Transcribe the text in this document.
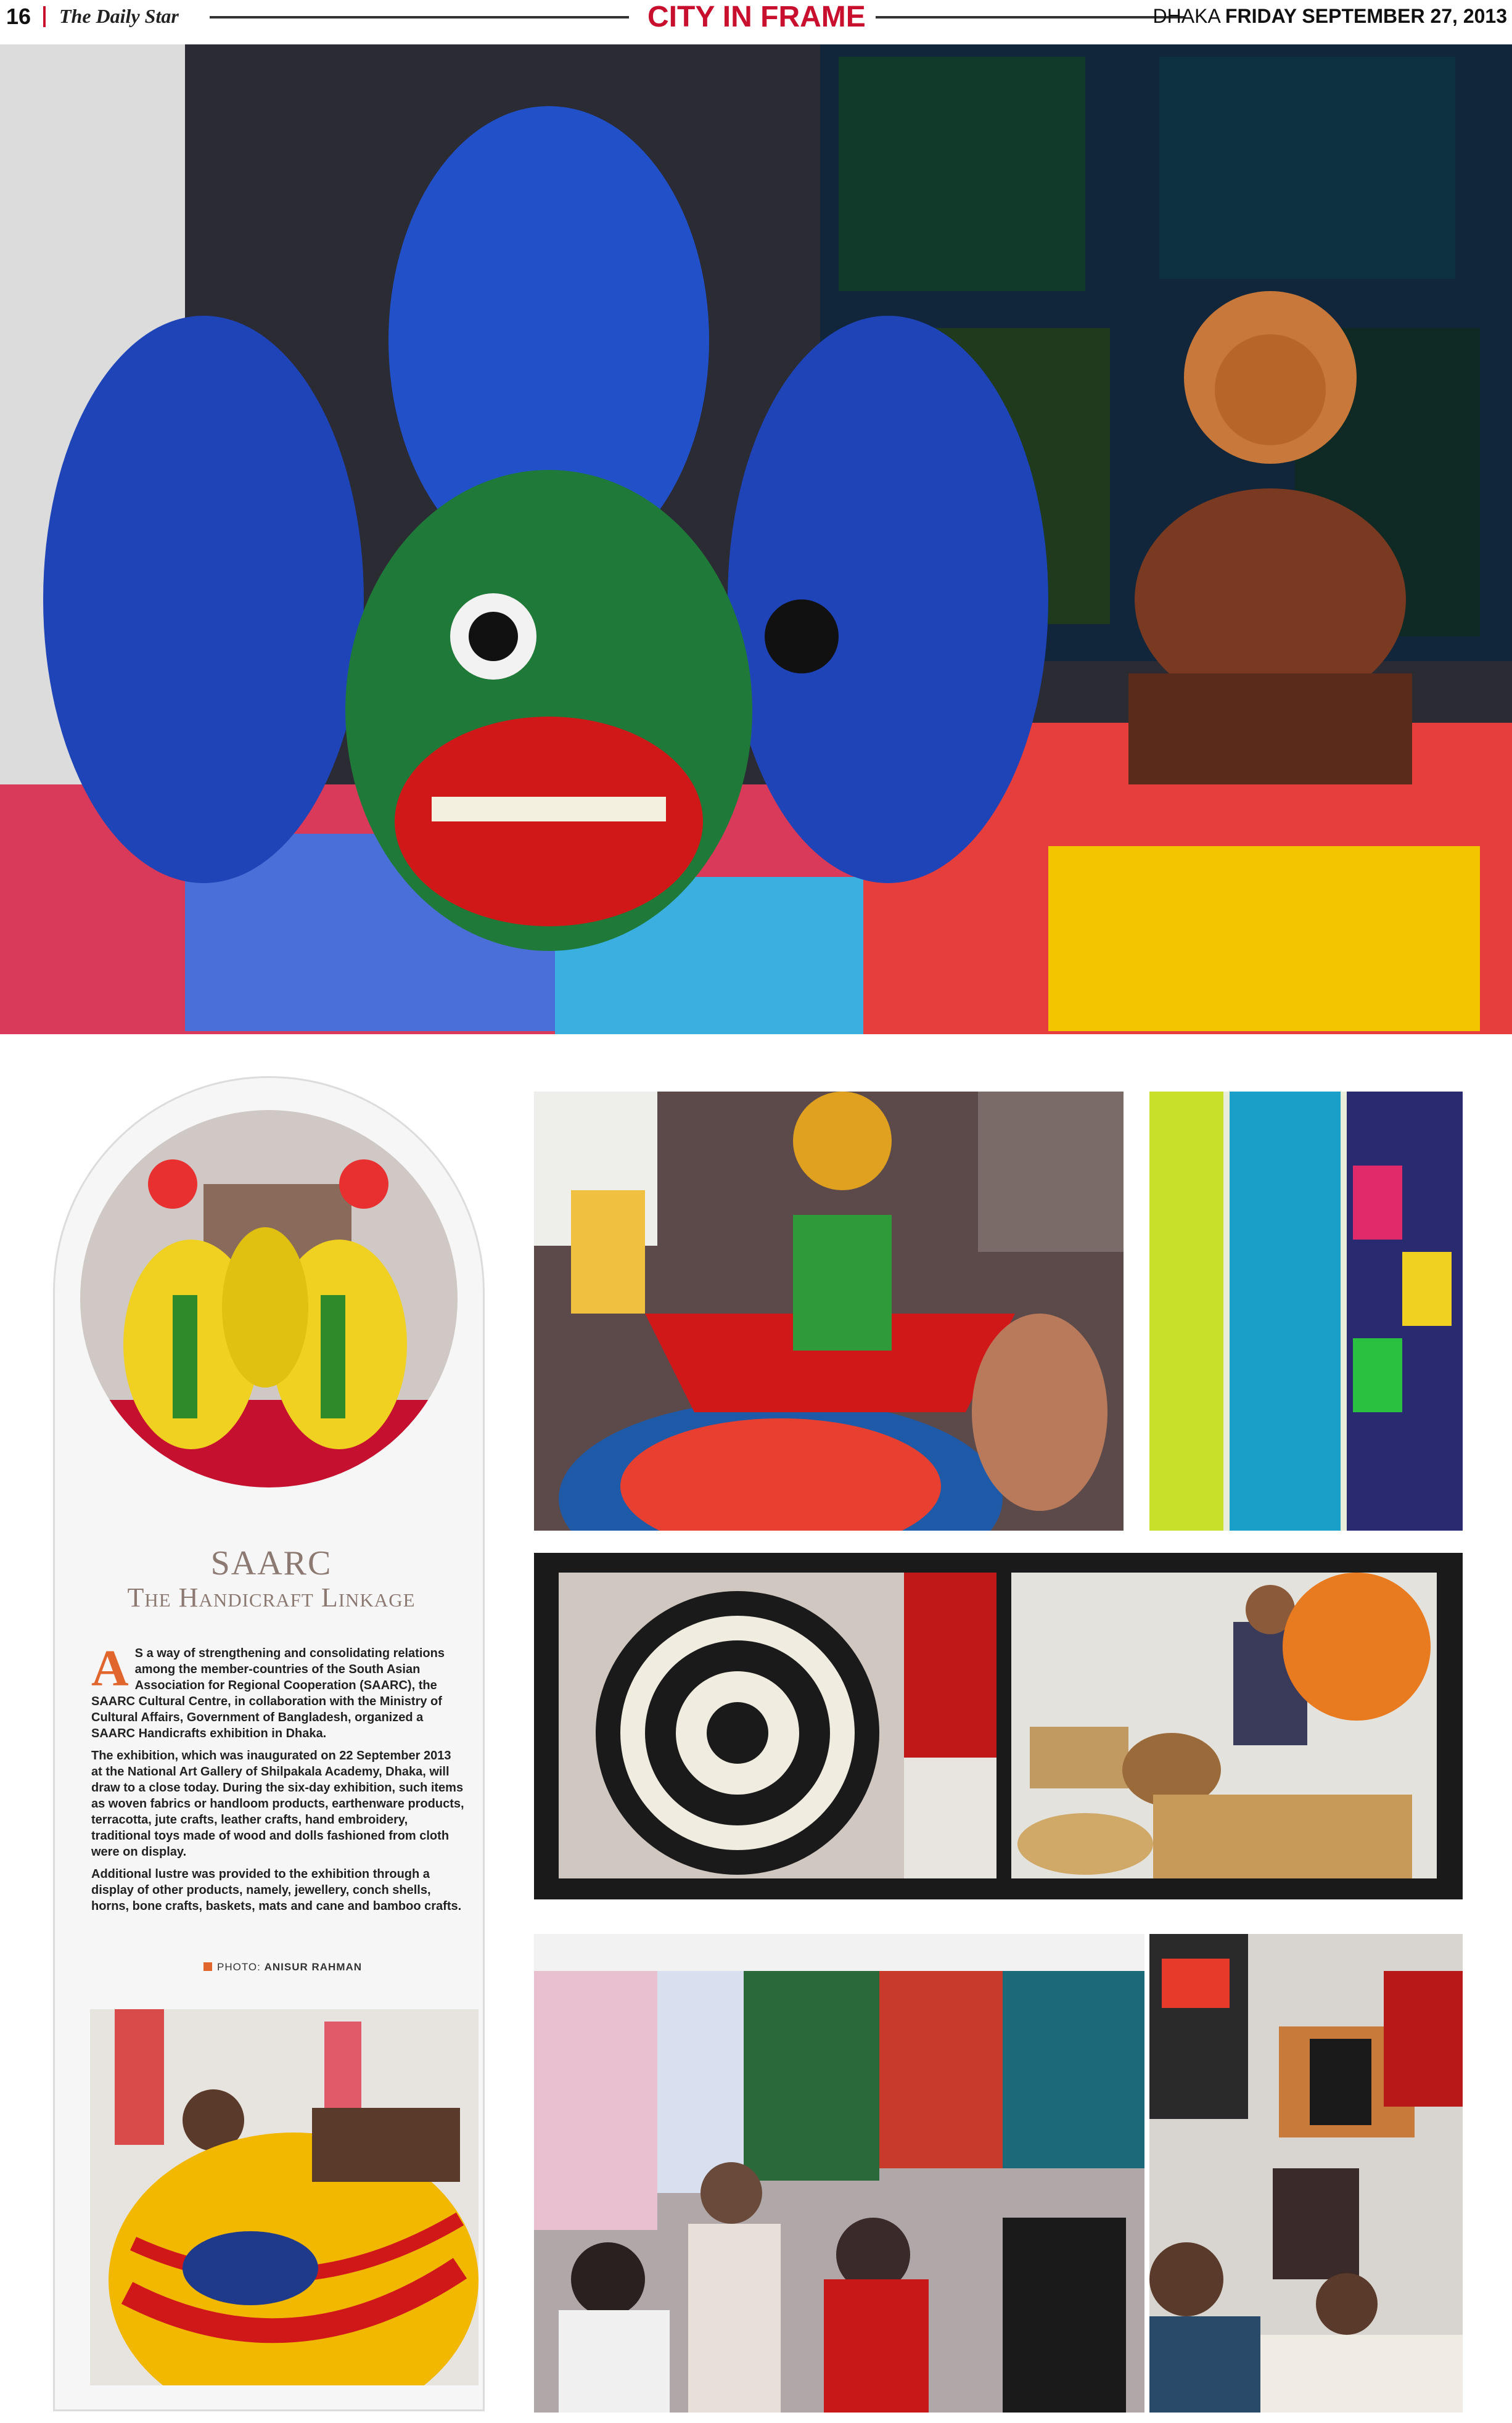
16 The Daily Star	CITY IN FRAME	DHAKA FRIDAY SEPTEMBER 27, 2013
SAARC
The Handicraft Linkage

A S a way of strengthening and consolidating relations among the member-countries of the South Asian Association for Regional Cooperation (SAARC), the SAARC Cultural Centre, in collaboration with the Ministry of Cultural Affairs, Government of Bangladesh, organized a SAARC Handicrafts exhibition in Dhaka.

The exhibition, which was inaugurated on 22 September 2013 at the National Art Gallery of Shilpakala Academy, Dhaka, will draw to a close today. During the six-day exhibition, such items as woven fabrics or handloom products, earthenware products, terracotta, jute crafts, leather crafts, hand embroidery, traditional toys made of wood and dolls fashioned from cloth were on display.

Additional lustre was provided to the exhibition through a display of other products, namely, jewellery, conch shells, horns, bone crafts, baskets, mats and cane and bamboo crafts.

PHOTO: ANISUR RAHMAN
